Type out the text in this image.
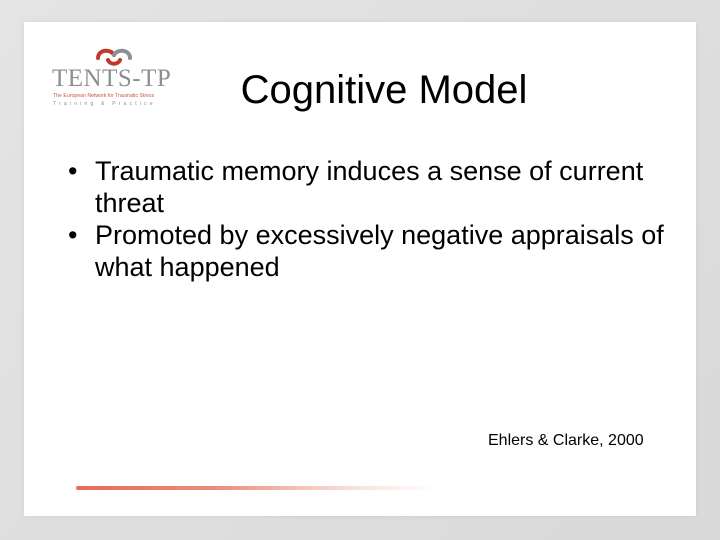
TENTS-TP
The European Network for Traumatic Stress
Training & Practice	Cognitive Model
• Traumatic memory induces a sense of current threat
• Promoted by excessively negative appraisals of what happened
Ehlers & Clarke, 2000
